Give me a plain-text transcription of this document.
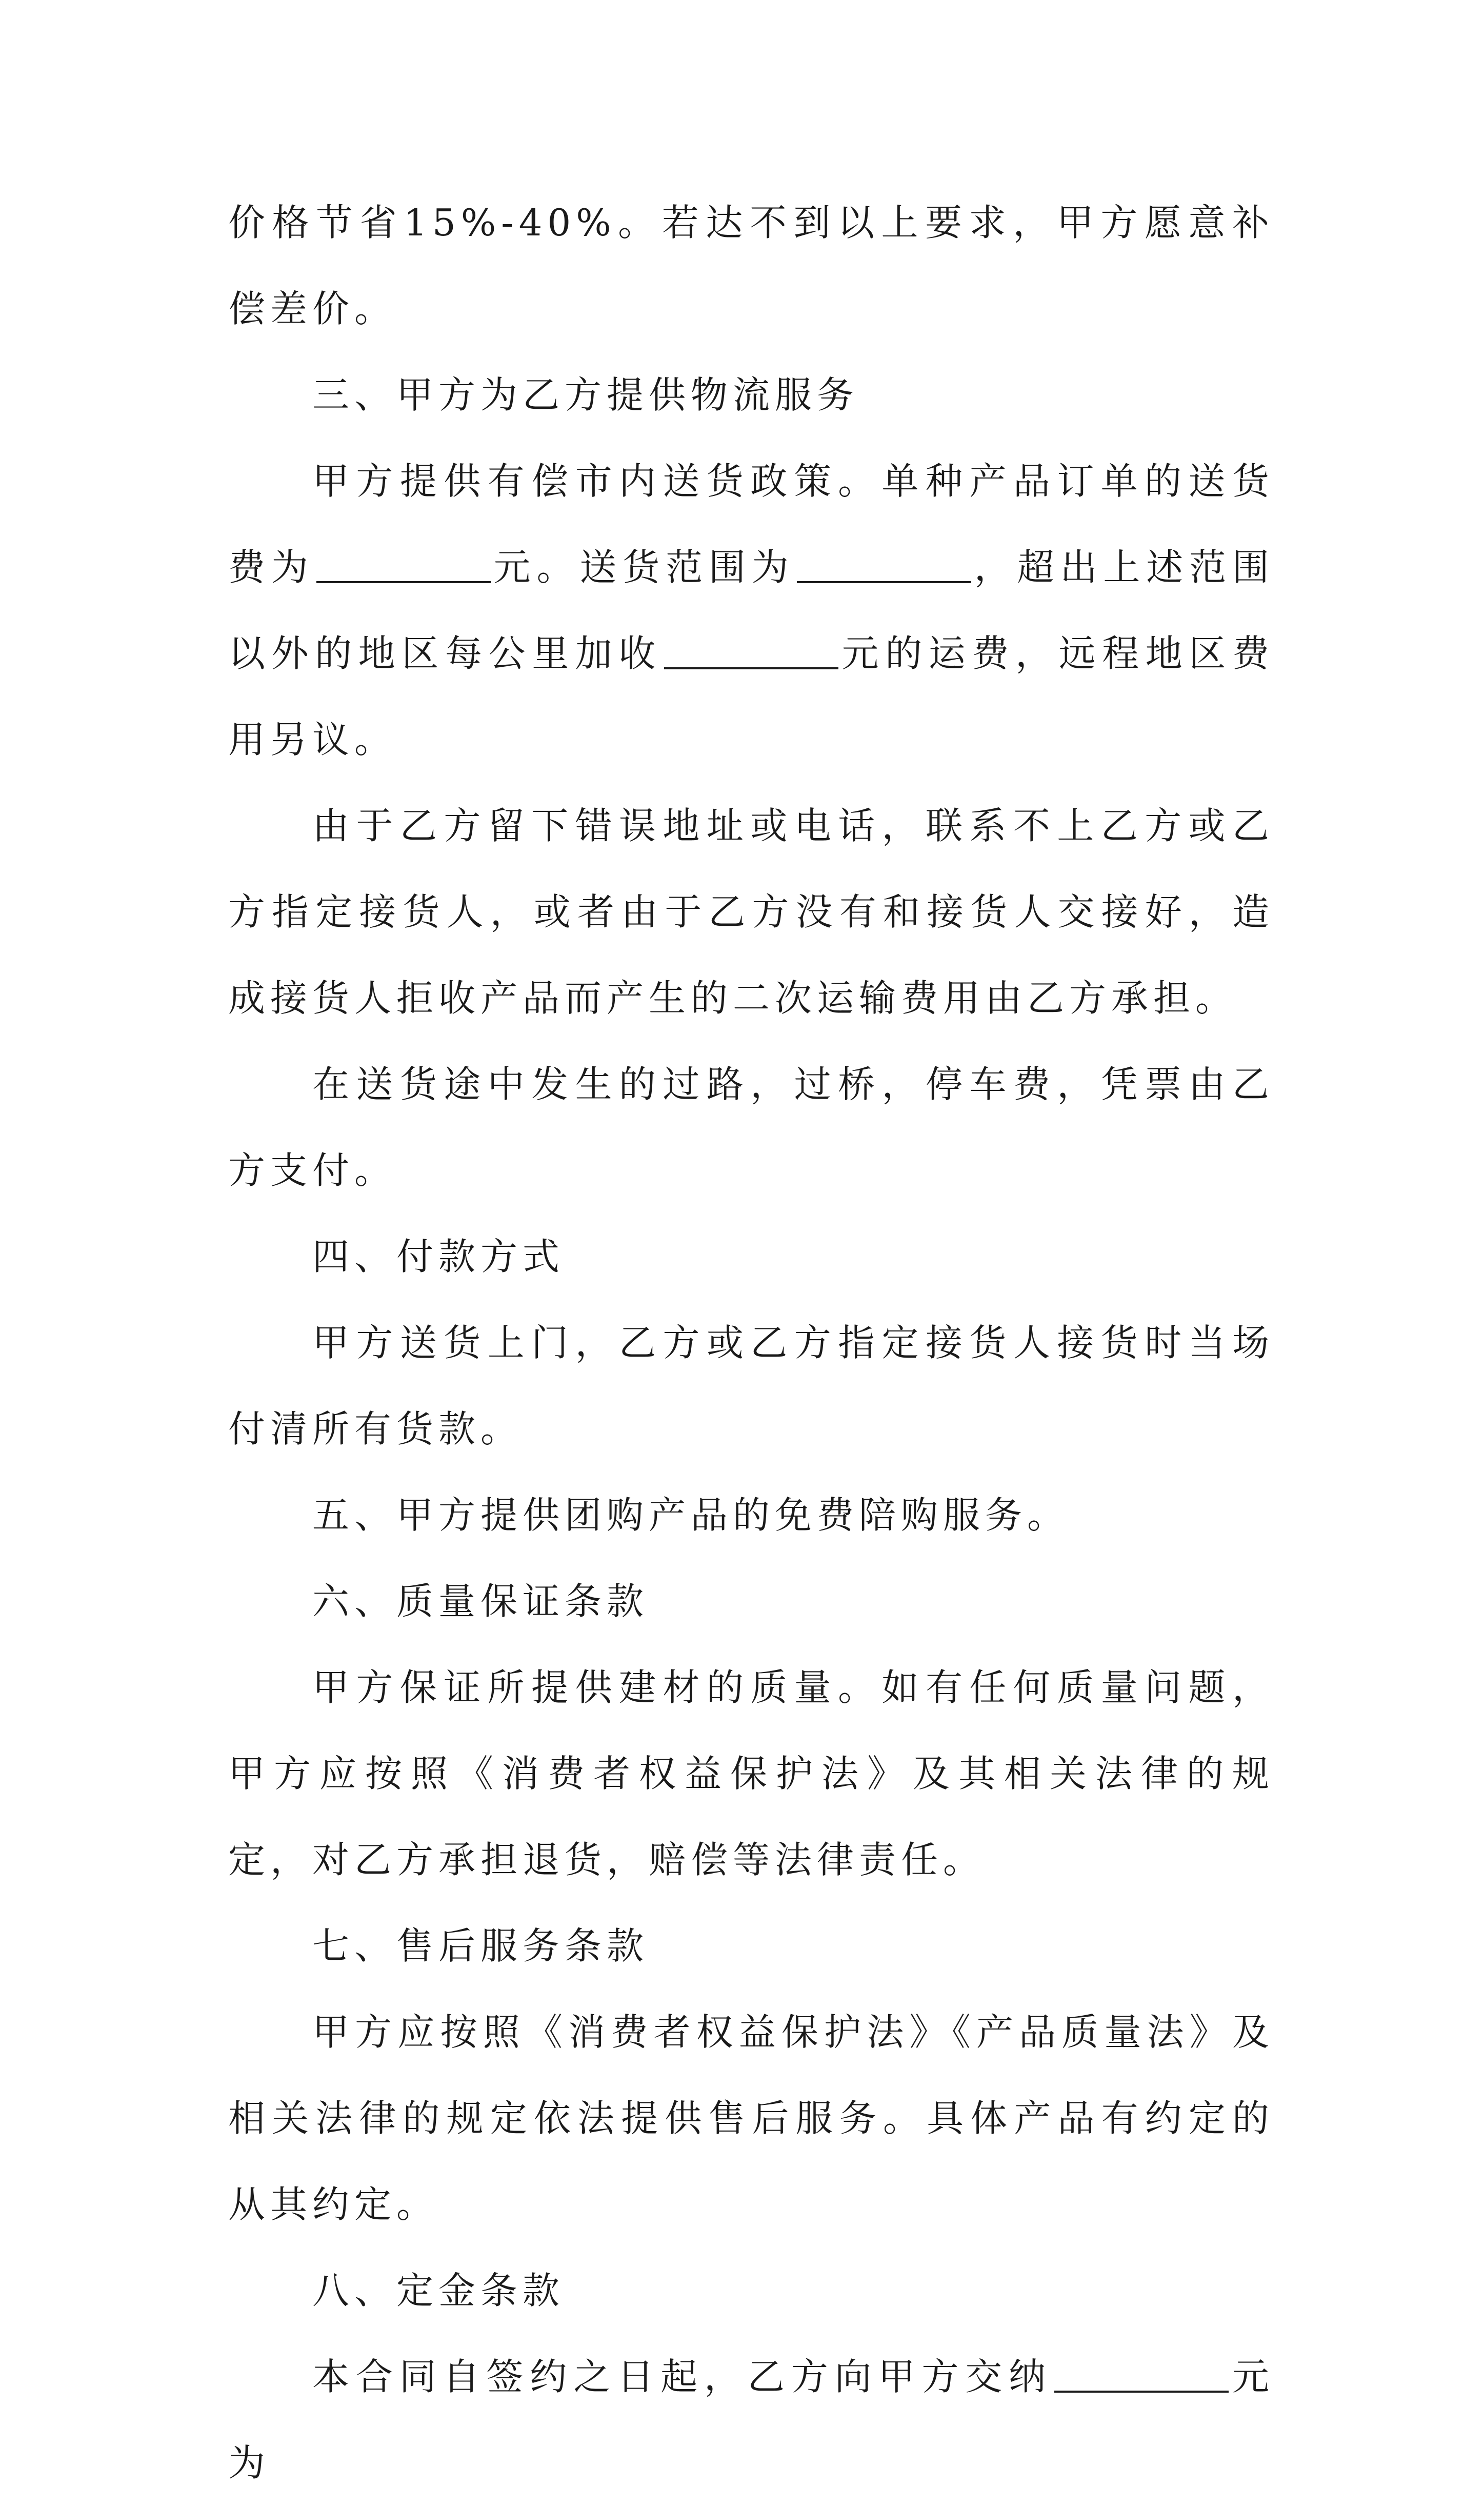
价格节省15%-40%。若达不到以上要求，甲方愿意补偿差价。

三、甲方为乙方提供物流服务

甲方提供有偿市内送货政策。单种产品订单的送货费为	元。送货范围为	，超出上述范围以外的地区每公里加收	元的运费，远程地区费用另议。

由于乙方留下错误地址或电话，联系不上乙方或乙方指定接货人，或者由于乙方没有和接货人交接好，造成接货人拒收产品而产生的二次运输费用由乙方承担。

在送货途中发生的过路，过桥，停车费，凭票由乙方支付。

四、付款方式

甲方送货上门，乙方或乙方指定接货人接货时当场付清所有货款。

五、甲方提供团购产品的免费陪购服务。

六、质量保证条款

甲方保证所提供建材的质量。如有任何质量问题，甲方应按照《消费者权益保护法》及其相关法律的规定，对乙方承担退货，赔偿等法律责任。

七、售后服务条款

甲方应按照《消费者权益保护法》《产品质量法》及相关法律的规定依法提供售后服务。具体产品有约定的从其约定。

八、定金条款

本合同自签约之日起，乙方向甲方交纳	元为
